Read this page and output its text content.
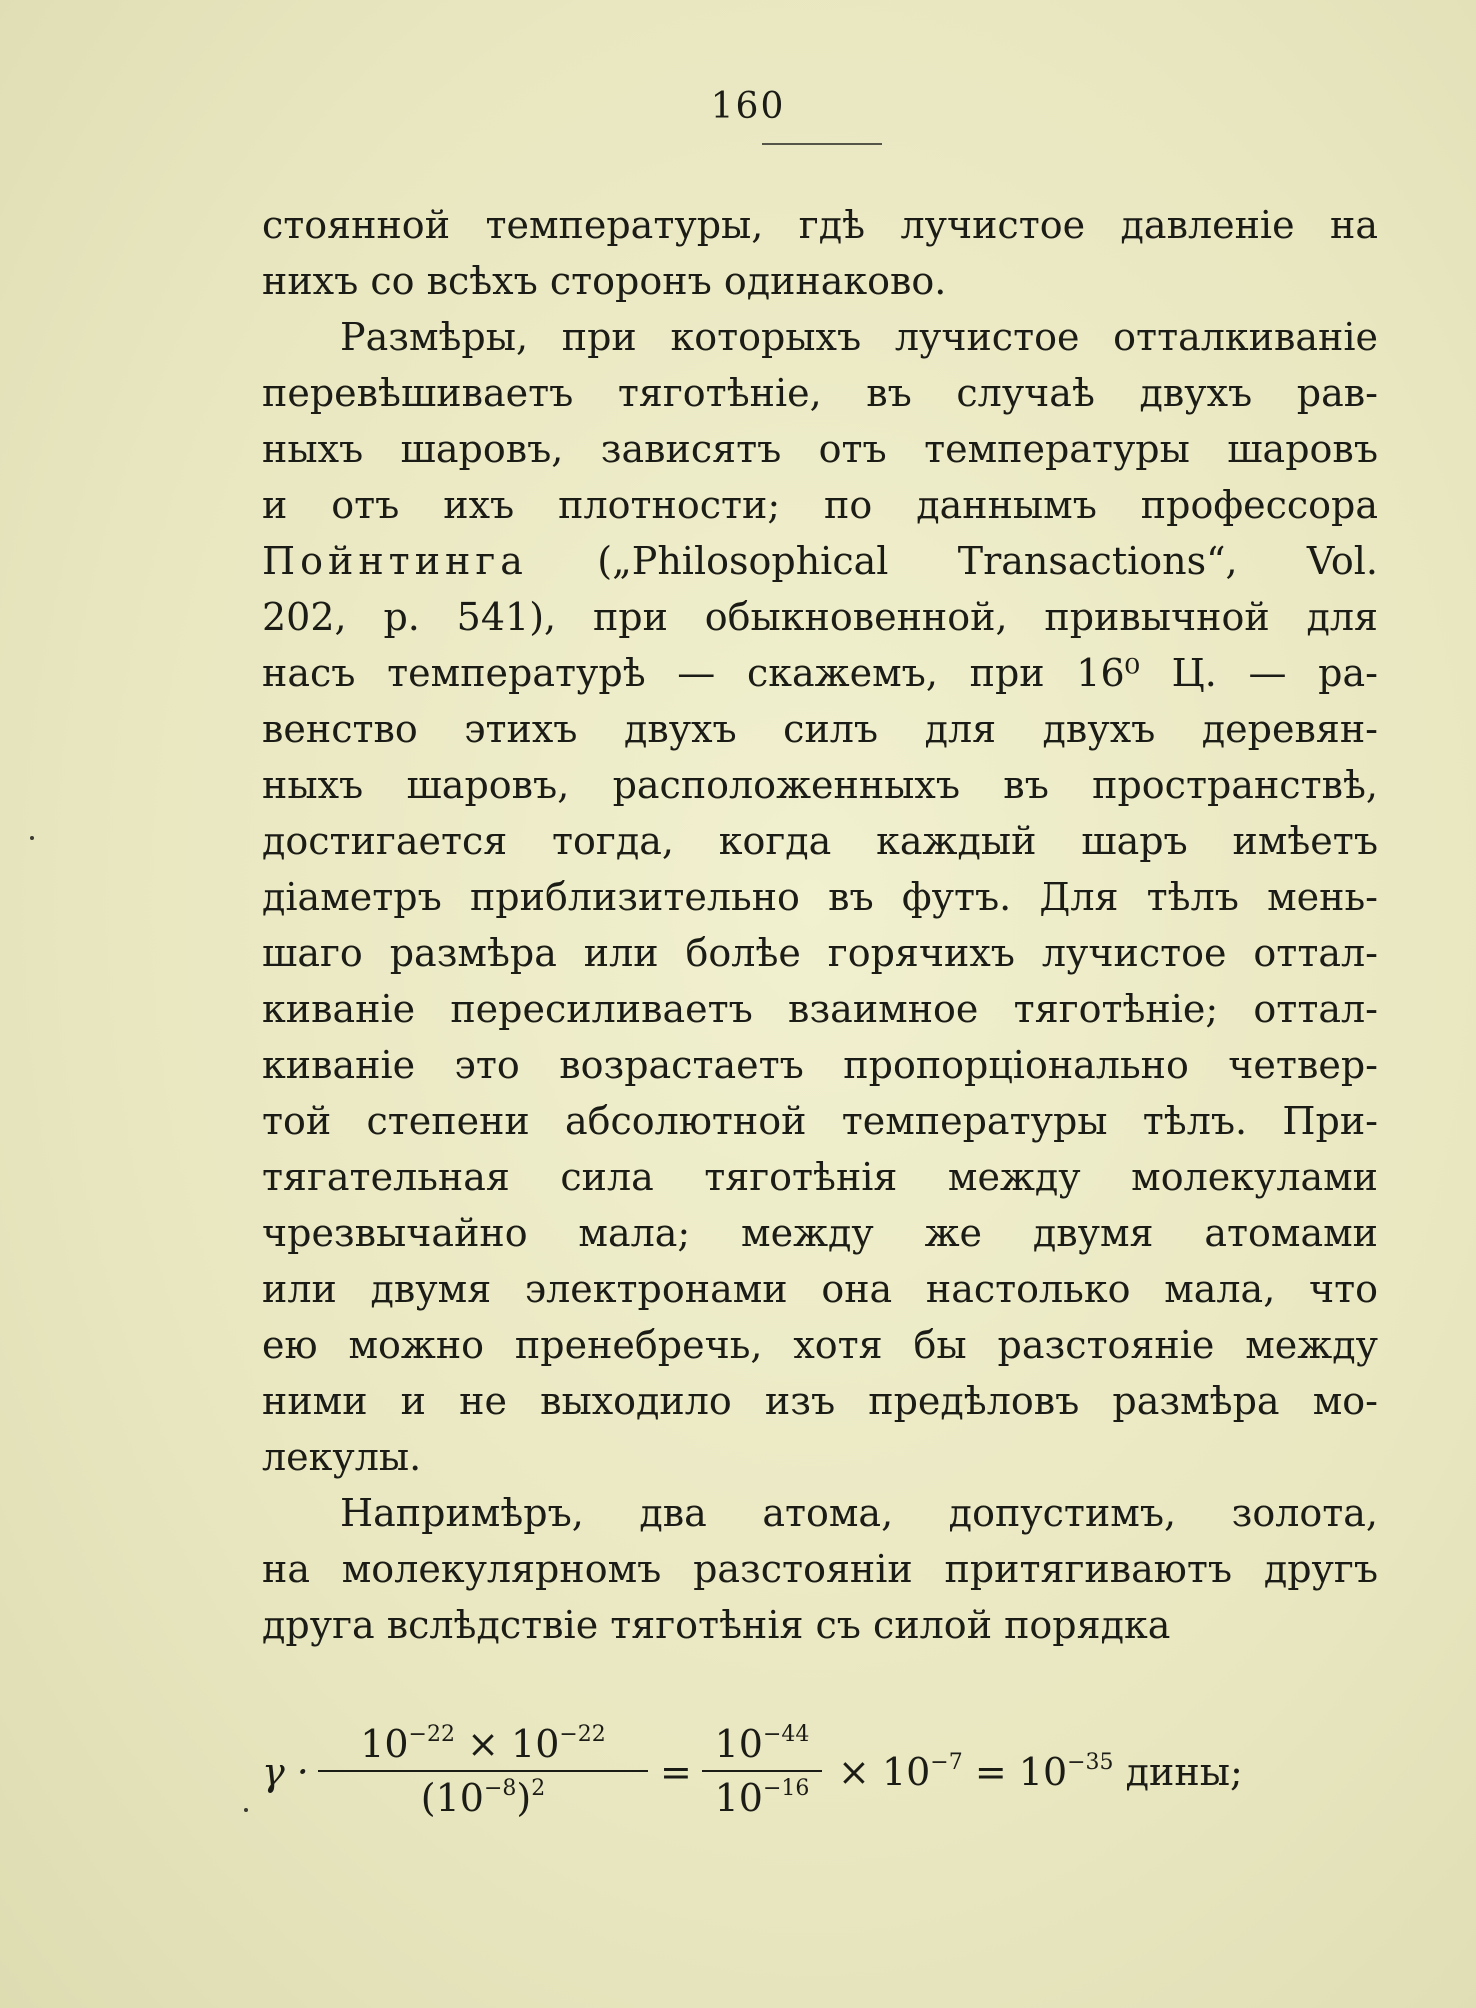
160
стоянной температуры, гдѣ лучистое давленіе на
нихъ со всѣхъ сторонъ одинаково.
Размѣры, при которыхъ лучистое отталкиваніе
перевѣшиваетъ тяготѣніе, въ случаѣ двухъ рав-
ныхъ шаровъ, зависятъ отъ температуры шаровъ
и отъ ихъ плотности; по даннымъ профессора
Пойнтинга („Philosophical Transactions“, Vol.
202, p. 541), при обыкновенной, привычной для
насъ температурѣ — скажемъ, при 16⁰ Ц. — ра-
венство этихъ двухъ силъ для двухъ деревян-
ныхъ шаровъ, расположенныхъ въ пространствѣ,
достигается тогда, когда каждый шаръ имѣетъ
діаметръ приблизительно въ футъ. Для тѣлъ мень-
шаго размѣра или болѣе горячихъ лучистое оттал-
киваніе пересиливаетъ взаимное тяготѣніе; оттал-
киваніе это возрастаетъ пропорціонально четвер-
той степени абсолютной температуры тѣлъ. При-
тягательная сила тяготѣнія между молекулами
чрезвычайно мала; между же двумя атомами
или двумя электронами она настолько мала, что
ею можно пренебречь, хотя бы разстояніе между
ними и не выходило изъ предѣловъ размѣра мо-
лекулы.
Напримѣръ, два атома, допустимъ, золота,
на молекулярномъ разстояніи притягиваютъ другъ
друга вслѣдствіе тяготѣнія съ силой порядка
γ ·
$10^{-22} \times 10^{-22}$
$(10^{-8})^2$	=
$10^{-44}$
$10^{-16} \times 10^{-7} = 10^{-35}$ дины;
